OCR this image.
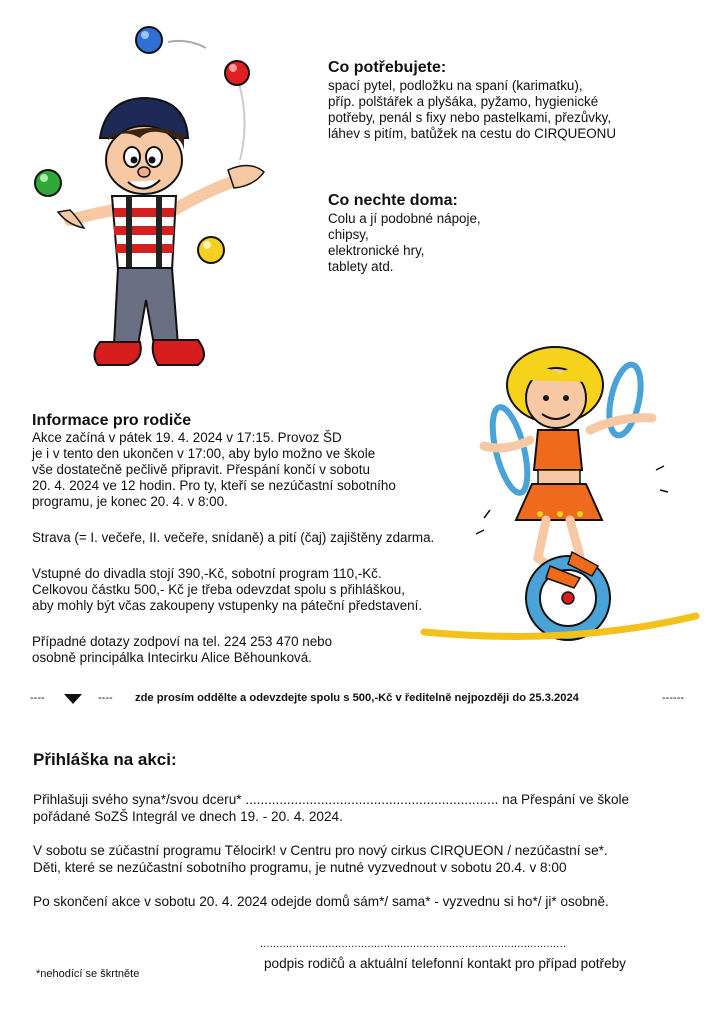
Co potřebujete:
spací pytel, podložku na spaní (karimatku),
příp. polštářek a plyšáka, pyžamo, hygienické
potřeby, penál s fixy nebo pastelkami, přezůvky,
láhev s pitím, batůžek na cestu do CIRQUEONU
Co nechte doma:
Colu a jí podobné nápoje,
chipsy,
elektronické hry,
tablety atd.
Informace pro rodiče
Akce začíná v pátek 19. 4. 2024 v 17:15. Provoz ŠD
je i v tento den ukončen v 17:00, aby bylo možno ve škole
vše dostatečně pečlivě připravit. Přespání končí v sobotu
20. 4. 2024 ve 12 hodin. Pro ty, kteří se nezúčastní sobotního
programu, je konec 20. 4. v 8:00.
Strava (= I. večeře, II. večeře, snídaně) a pití (čaj) zajištěny zdarma.
Vstupné do divadla stojí 390,-Kč, sobotní program 110,-Kč.
Celkovou částku 500,- Kč je třeba odevzdat spolu s přihláškou,
aby mohly být včas zakoupeny vstupenky na páteční představení.
Případné dotazy zodpoví na tel. 224 253 470 nebo
osobně principálka Intecirku Alice Běhounková.
----	---- zde prosím oddělte a odevzdejte spolu s 500,-Kč v ředitelně nejpozději do 25.3.2024	------
Přihláška na akci:
Přihlašuji svého syna*/svou dceru* ................................................................... na Přespání ve škole
pořádané SoZŠ Integrál ve dnech 19. - 20. 4. 2024.
V sobotu se zúčastní programu Tělocirk! v Centru pro nový cirkus CIRQUEON / nezúčastní se*.
Děti, které se nezúčastní sobotního programu, je nutné vyzvednout v sobotu 20.4. v 8:00
Po skončení akce v sobotu 20. 4. 2024 odejde domů sám*/ sama* - vyzvednu si ho*/ ji* osobně.
..............................................................................................
podpis rodičů a aktuální telefonní kontakt pro případ potřeby
*nehodící se škrtněte
